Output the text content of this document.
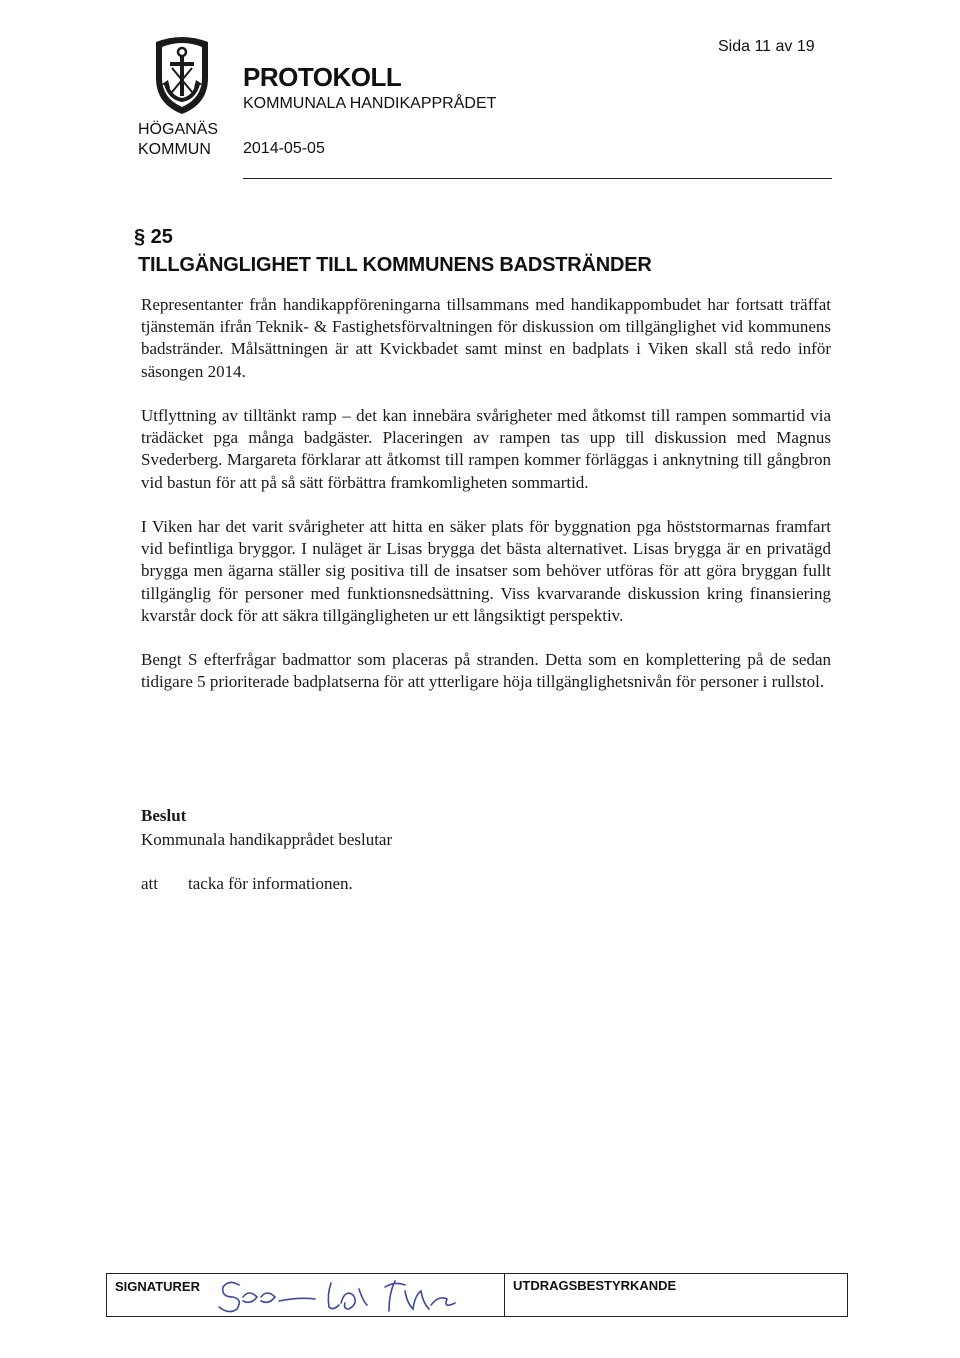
HÖGANÄS
KOMMUN
PROTOKOLL
KOMMUNALA HANDIKAPPRÅDET
2014-05-05
Sida 11 av 19
§ 25
TILLGÄNGLIGHET TILL KOMMUNENS BADSTRÄNDER

Representanter från handikappföreningarna tillsammans med handikappombudet har fortsatt träffat tjänstemän ifrån Teknik- & Fastighetsförvaltningen för diskussion om tillgänglighet vid kommunens badstränder. Målsättningen är att Kvickbadet samt minst en badplats i Viken skall stå redo inför säsongen 2014.

Utflyttning av tilltänkt ramp – det kan innebära svårigheter med åtkomst till rampen sommartid via trädäcket pga många badgäster. Placeringen av rampen tas upp till diskussion med Magnus Svederberg. Margareta förklarar att åtkomst till rampen kommer förläggas i anknytning till gångbron vid bastun för att på så sätt förbättra framkomligheten sommartid.

I Viken har det varit svårigheter att hitta en säker plats för byggnation pga höststormarnas framfart vid befintliga bryggor. I nuläget är Lisas brygga det bästa alternativet. Lisas brygga är en privatägd brygga men ägarna ställer sig positiva till de insatser som behöver utföras för att göra bryggan fullt tillgänglig för personer med funktionsnedsättning. Viss kvarvarande diskussion kring finansiering kvarstår dock för att säkra tillgängligheten ur ett långsiktigt perspektiv.

Bengt S efterfrågar badmattor som placeras på stranden. Detta som en komplettering på de sedan tidigare 5 prioriterade badplatserna för att ytterligare höja tillgänglighetsnivån för personer i rullstol.

Beslut
Kommunala handikapprådet beslutar
att tacka för informationen.
SIGNATURER	UTDRAGSBESTYRKANDE
